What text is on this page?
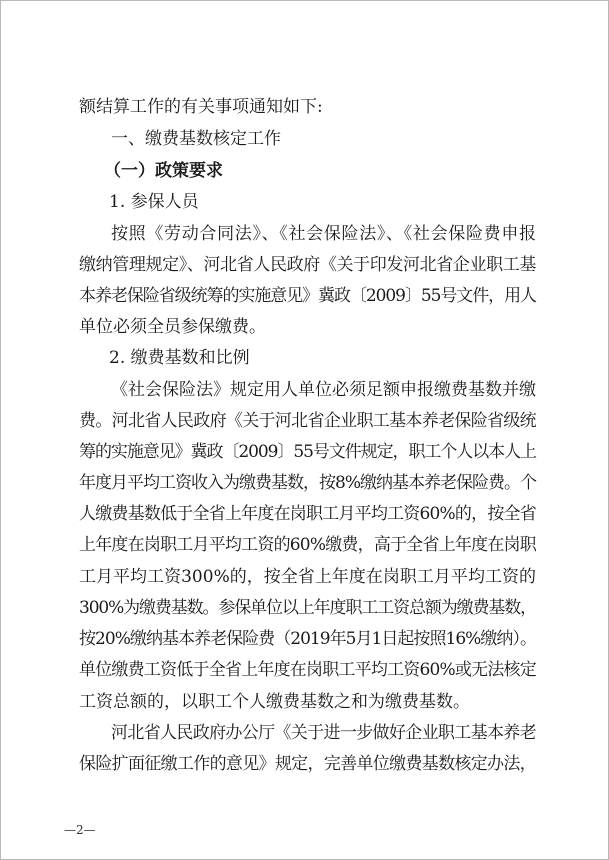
额结算工作的有关事项通知如下:
一、缴费基数核定工作
（一）政策要求
1. 参保人员
按照《劳动合同法》、《社会保险法》、《社会保险费申报
缴纳管理规定》、河北省人民政府《关于印发河北省企业职工基
本养老保险省级统筹的实施意见》冀政〔2009〕55号文件，用人
单位必须全员参保缴费。
2. 缴费基数和比例
《社会保险法》规定用人单位必须足额申报缴费基数并缴
费。河北省人民政府《关于河北省企业职工基本养老保险省级统
筹的实施意见》冀政〔2009〕55号文件规定，职工个人以本人上
年度月平均工资收入为缴费基数，按8%缴纳基本养老保险费。个
人缴费基数低于全省上年度在岗职工月平均工资60%的，按全省
上年度在岗职工月平均工资的60%缴费，高于全省上年度在岗职
工月平均工资300%的，按全省上年度在岗职工月平均工资的
300%为缴费基数。参保单位以上年度职工工资总额为缴费基数，
按20%缴纳基本养老保险费（2019年5月1日起按照16%缴纳）。
单位缴费工资低于全省上年度在岗职工平均工资60%或无法核定
工资总额的，以职工个人缴费基数之和为缴费基数。
河北省人民政府办公厅《关于进一步做好企业职工基本养老
保险扩面征缴工作的意见》规定，完善单位缴费基数核定办法，
—2—
